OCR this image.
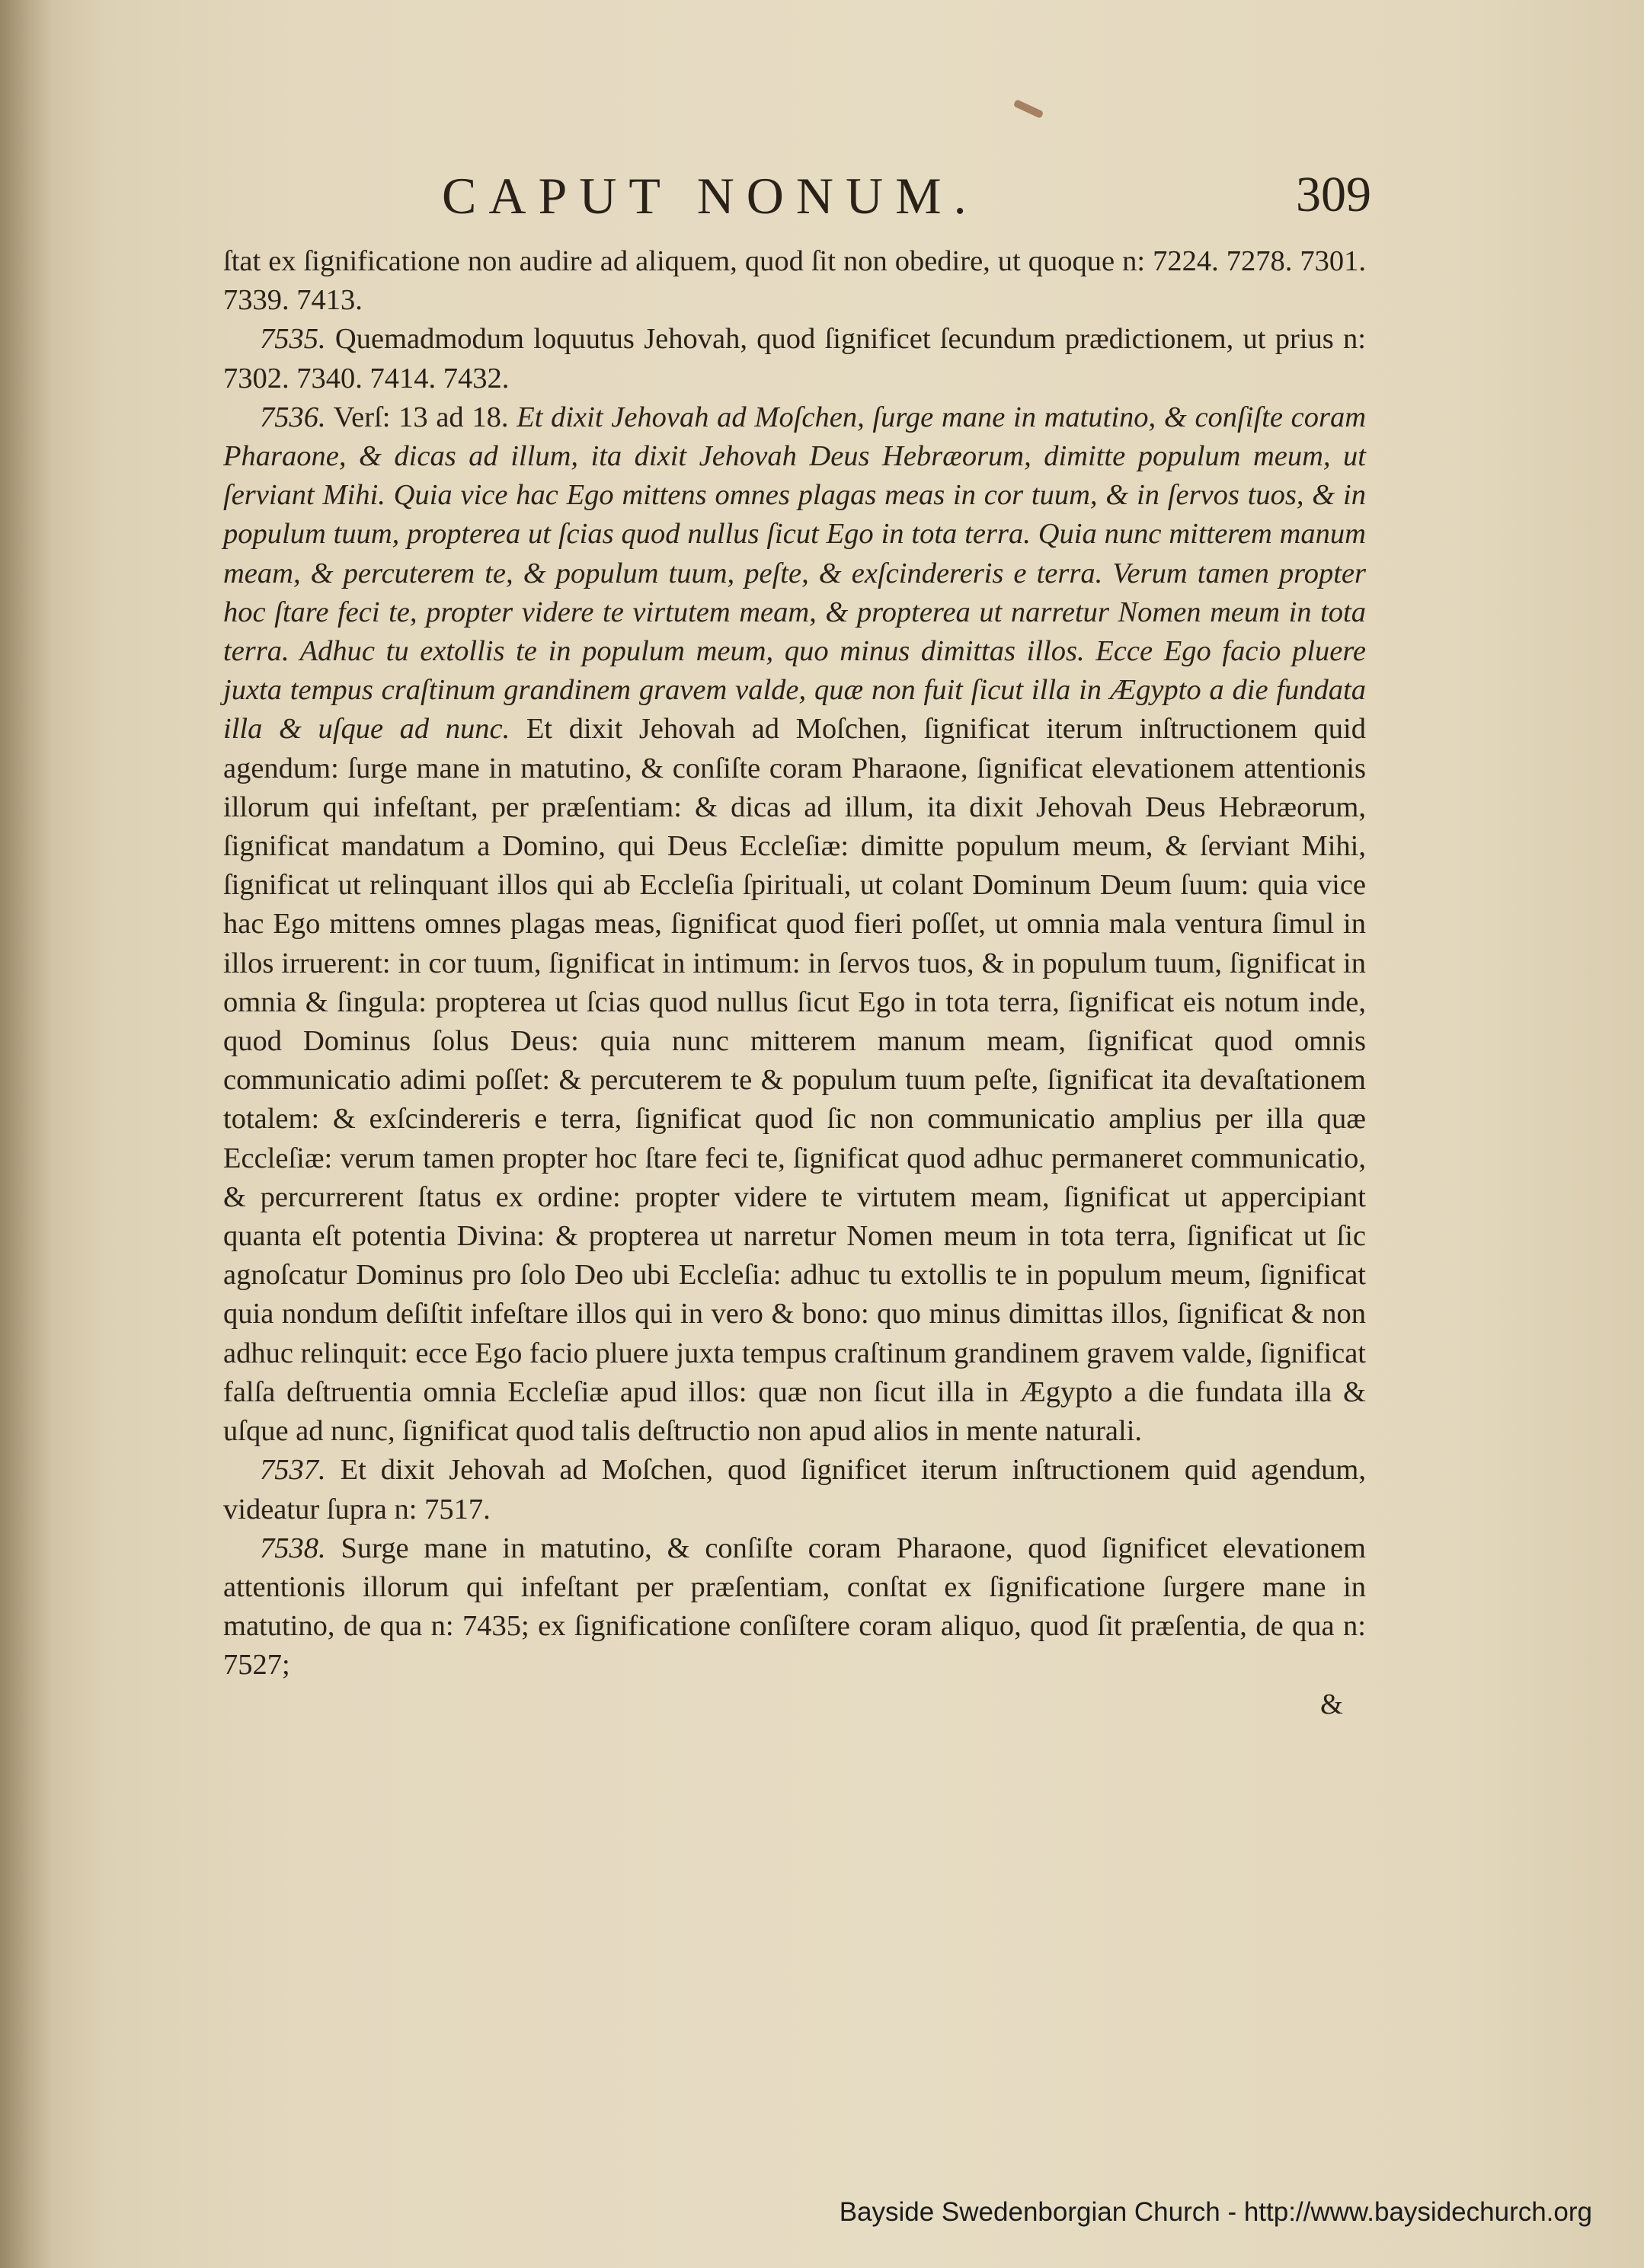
CAPUT NONUM.	309

ſtat ex ſignificatione non audire ad aliquem, quod ſit non obedire, ut quoque n: 7224. 7278. 7301. 7339. 7413.

7535. Quemadmodum loquutus Jehovah, quod ſignificet ſecundum prædictionem, ut prius n: 7302. 7340. 7414. 7432.

7536. Verſ: 13 ad 18. Et dixit Jehovah ad Moſchen, ſurge mane in matutino, & conſiſte coram Pharaone, & dicas ad illum, ita dixit Jehovah Deus Hebræorum, dimitte populum meum, ut ſerviant Mihi. Quia vice hac Ego mittens omnes plagas meas in cor tuum, & in ſervos tuos, & in populum tuum, propterea ut ſcias quod nullus ſicut Ego in tota terra. Quia nunc mitterem manum meam, & percuterem te, & populum tuum, peſte, & exſcindereris e terra. Verum tamen propter hoc ſtare feci te, propter videre te virtutem meam, & propterea ut narretur Nomen meum in tota terra. Adhuc tu extollis te in populum meum, quo minus dimittas illos. Ecce Ego facio pluere juxta tempus craſtinum grandinem gravem valde, quæ non fuit ſicut illa in Ægypto a die fundata illa & uſque ad nunc. Et dixit Jehovah ad Moſchen, ſignificat iterum inſtructionem quid agendum: ſurge mane in matutino, & conſiſte coram Pharaone, ſignificat elevationem attentionis illorum qui infeſtant, per præſentiam: & dicas ad illum, ita dixit Jehovah Deus Hebræorum, ſignificat mandatum a Domino, qui Deus Eccleſiæ: dimitte populum meum, & ſerviant Mihi, ſignificat ut relinquant illos qui ab Eccleſia ſpirituali, ut colant Dominum Deum ſuum: quia vice hac Ego mittens omnes plagas meas, ſignificat quod fieri poſſet, ut omnia mala ventura ſimul in illos irruerent: in cor tuum, ſignificat in intimum: in ſervos tuos, & in populum tuum, ſignificat in omnia & ſingula: propterea ut ſcias quod nullus ſicut Ego in tota terra, ſignificat eis notum inde, quod Dominus ſolus Deus: quia nunc mitterem manum meam, ſignificat quod omnis communicatio adimi poſſet: & percuterem te & populum tuum peſte, ſignificat ita devaſtationem totalem: & exſcindereris e terra, ſignificat quod ſic non communicatio amplius per illa quæ Eccleſiæ: verum tamen propter hoc ſtare feci te, ſignificat quod adhuc permaneret communicatio, & percurrerent ſtatus ex ordine: propter videre te virtutem meam, ſignificat ut appercipiant quanta eſt potentia Divina: & propterea ut narretur Nomen meum in tota terra, ſignificat ut ſic agnoſcatur Dominus pro ſolo Deo ubi Eccleſia: adhuc tu extollis te in populum meum, ſignificat quia nondum deſiſtit infeſtare illos qui in vero & bono: quo minus dimittas illos, ſignificat & non adhuc relinquit: ecce Ego facio pluere juxta tempus craſtinum grandinem gravem valde, ſignificat falſa deſtruentia omnia Eccleſiæ apud illos: quæ non ſicut illa in Ægypto a die fundata illa & uſque ad nunc, ſignificat quod talis deſtructio non apud alios in mente naturali.

7537. Et dixit Jehovah ad Moſchen, quod ſignificet iterum inſtructionem quid agendum, videatur ſupra n: 7517.

7538. Surge mane in matutino, & conſiſte coram Pharaone, quod ſignificet elevationem attentionis illorum qui infeſtant per præſentiam, conſtat ex ſignificatione ſurgere mane in matutino, de qua n: 7435; ex ſignificatione conſiſtere coram aliquo, quod ſit præſentia, de qua n: 7527;

&

Bayside Swedenborgian Church - http://www.baysidechurch.org
